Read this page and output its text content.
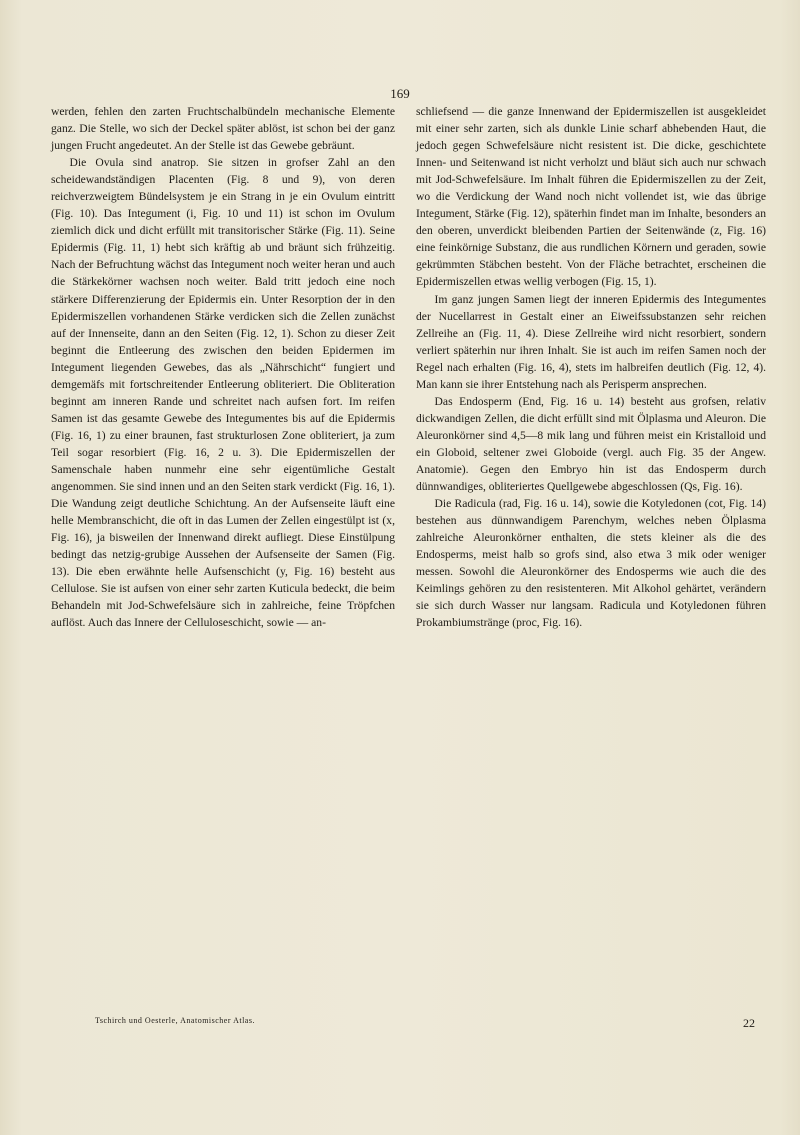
169

werden, fehlen den zarten Fruchtschalbündeln mechanische Elemente ganz. Die Stelle, wo sich der Deckel später ablöst, ist schon bei der ganz jungen Frucht angedeutet. An der Stelle ist das Gewebe gebräunt.

Die Ovula sind anatrop. Sie sitzen in grofser Zahl an den scheidewandständigen Placenten (Fig. 8 und 9), von deren reichverzweigtem Bündelsystem je ein Strang in je ein Ovulum eintritt (Fig. 10). Das Integument (i, Fig. 10 und 11) ist schon im Ovulum ziemlich dick und dicht erfüllt mit transitorischer Stärke (Fig. 11). Seine Epidermis (Fig. 11, 1) hebt sich kräftig ab und bräunt sich frühzeitig. Nach der Befruchtung wächst das Integument noch weiter heran und auch die Stärkekörner wachsen noch weiter. Bald tritt jedoch eine noch stärkere Differenzierung der Epidermis ein. Unter Resorption der in den Epidermiszellen vorhandenen Stärke verdicken sich die Zellen zunächst auf der Innenseite, dann an den Seiten (Fig. 12, 1). Schon zu dieser Zeit beginnt die Entleerung des zwischen den beiden Epidermen im Integument liegenden Gewebes, das als „Nährschicht“ fungiert und demgemäfs mit fortschreitender Entleerung obliteriert. Die Obliteration beginnt am inneren Rande und schreitet nach aufsen fort. Im reifen Samen ist das gesamte Gewebe des Integumentes bis auf die Epidermis (Fig. 16, 1) zu einer braunen, fast strukturlosen Zone obliteriert, ja zum Teil sogar resorbiert (Fig. 16, 2 u. 3). Die Epidermiszellen der Samenschale haben nunmehr eine sehr eigentümliche Gestalt angenommen. Sie sind innen und an den Seiten stark verdickt (Fig. 16, 1). Die Wandung zeigt deutliche Schichtung. An der Aufsenseite läuft eine helle Membranschicht, die oft in das Lumen der Zellen eingestülpt ist (x, Fig. 16), ja bisweilen der Innenwand direkt aufliegt. Diese Einstülpung bedingt das netzig-grubige Aussehen der Aufsenseite der Samen (Fig. 13). Die eben erwähnte helle Aufsenschicht (y, Fig. 16) besteht aus Cellulose. Sie ist aufsen von einer sehr zarten Kuticula bedeckt, die beim Behandeln mit Jod-Schwefelsäure sich in zahlreiche, feine Tröpfchen auflöst. Auch das Innere der Celluloseschicht, sowie — an-

schliefsend — die ganze Innenwand der Epidermiszellen ist ausgekleidet mit einer sehr zarten, sich als dunkle Linie scharf abhebenden Haut, die jedoch gegen Schwefelsäure nicht resistent ist. Die dicke, geschichtete Innen- und Seitenwand ist nicht verholzt und bläut sich auch nur schwach mit Jod-Schwefelsäure. Im Inhalt führen die Epidermiszellen zu der Zeit, wo die Verdickung der Wand noch nicht vollendet ist, wie das übrige Integument, Stärke (Fig. 12), späterhin findet man im Inhalte, besonders an den oberen, unverdickt bleibenden Partien der Seitenwände (z, Fig. 16) eine feinkörnige Substanz, die aus rundlichen Körnern und geraden, sowie gekrümmten Stäbchen besteht. Von der Fläche betrachtet, erscheinen die Epidermiszellen etwas wellig verbogen (Fig. 15, 1).

Im ganz jungen Samen liegt der inneren Epidermis des Integumentes der Nucellarrest in Gestalt einer an Eiweifssubstanzen sehr reichen Zellreihe an (Fig. 11, 4). Diese Zellreihe wird nicht resorbiert, sondern verliert späterhin nur ihren Inhalt. Sie ist auch im reifen Samen noch der Regel nach erhalten (Fig. 16, 4), stets im halbreifen deutlich (Fig. 12, 4). Man kann sie ihrer Entstehung nach als Perisperm ansprechen.

Das Endosperm (End, Fig. 16 u. 14) besteht aus grofsen, relativ dickwandigen Zellen, die dicht erfüllt sind mit Ölplasma und Aleuron. Die Aleuronkörner sind 4,5—8 mik lang und führen meist ein Kristalloid und ein Globoid, seltener zwei Globoide (vergl. auch Fig. 35 der Angew. Anatomie). Gegen den Embryo hin ist das Endosperm durch dünnwandiges, obliteriertes Quellgewebe abgeschlossen (Qs, Fig. 16).

Die Radicula (rad, Fig. 16 u. 14), sowie die Kotyledonen (cot, Fig. 14) bestehen aus dünnwandigem Parenchym, welches neben Ölplasma zahlreiche Aleuronkörner enthalten, die stets kleiner als die des Endosperms, meist halb so grofs sind, also etwa 3 mik oder weniger messen. Sowohl die Aleuronkörner des Endosperms wie auch die des Keimlings gehören zu den resistenteren. Mit Alkohol gehärtet, verändern sie sich durch Wasser nur langsam. Radicula und Kotyledonen führen Prokambiumstränge (proc, Fig. 16).

Tschirch und Oesterle, Anatomischer Atlas.	22
